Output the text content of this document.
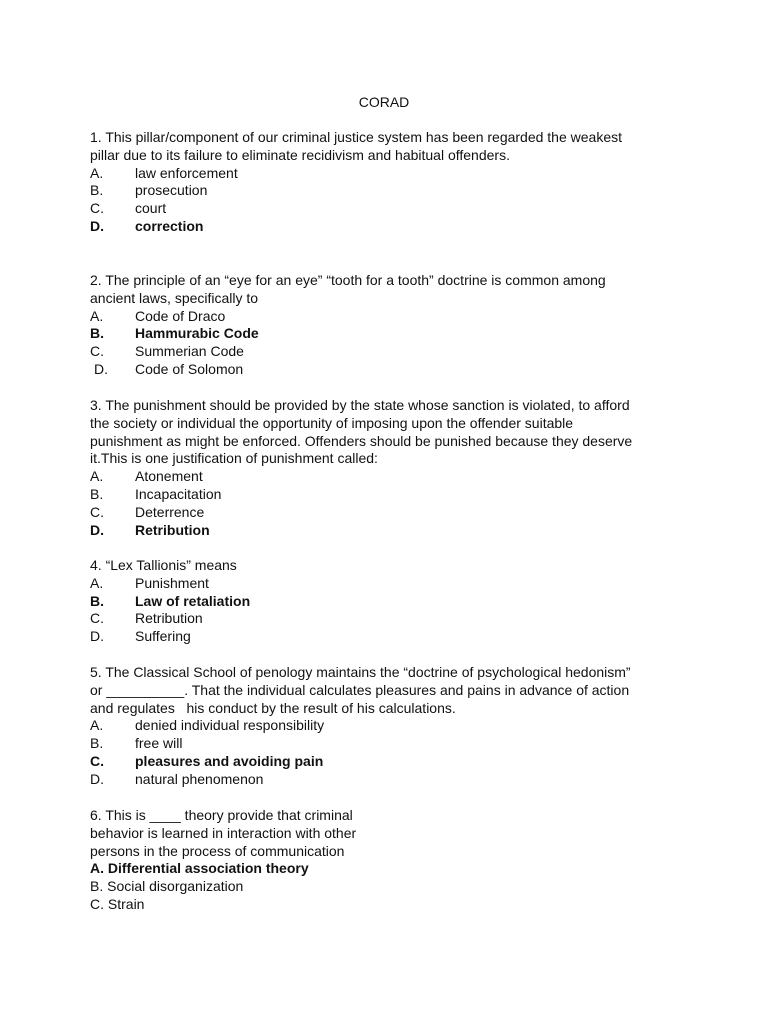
CORAD
1. This pillar/component of our criminal justice system has been regarded the weakest
pillar due to its failure to eliminate recidivism and habitual offenders.
A.	law enforcement
B.	prosecution
C.	court
D.	correction
2. The principle of an “eye for an eye” “tooth for a tooth” doctrine is common among
ancient laws, specifically to
A.	Code of Draco
B.	Hammurabic Code
C.	Summerian Code
D.	Code of Solomon
3. The punishment should be provided by the state whose sanction is violated, to afford
the society or individual the opportunity of imposing upon the offender suitable
punishment as might be enforced. Offenders should be punished because they deserve
it.This is one justification of punishment called:
A.	Atonement
B.	Incapacitation
C.	Deterrence
D.	Retribution
4. “Lex Tallionis” means
A.	Punishment
B.	Law of retaliation
C.	Retribution
D.	Suffering
5. The Classical School of penology maintains the “doctrine of psychological hedonism”
or __________. That the individual calculates pleasures and pains in advance of action
and regulates   his conduct by the result of his calculations.
A.	denied individual responsibility
B.	free will
C.	pleasures and avoiding pain
D.	natural phenomenon
6. This is ____ theory provide that criminal
behavior is learned in interaction with other
persons in the process of communication
A. Differential association theory
B. Social disorganization
C. Strain
